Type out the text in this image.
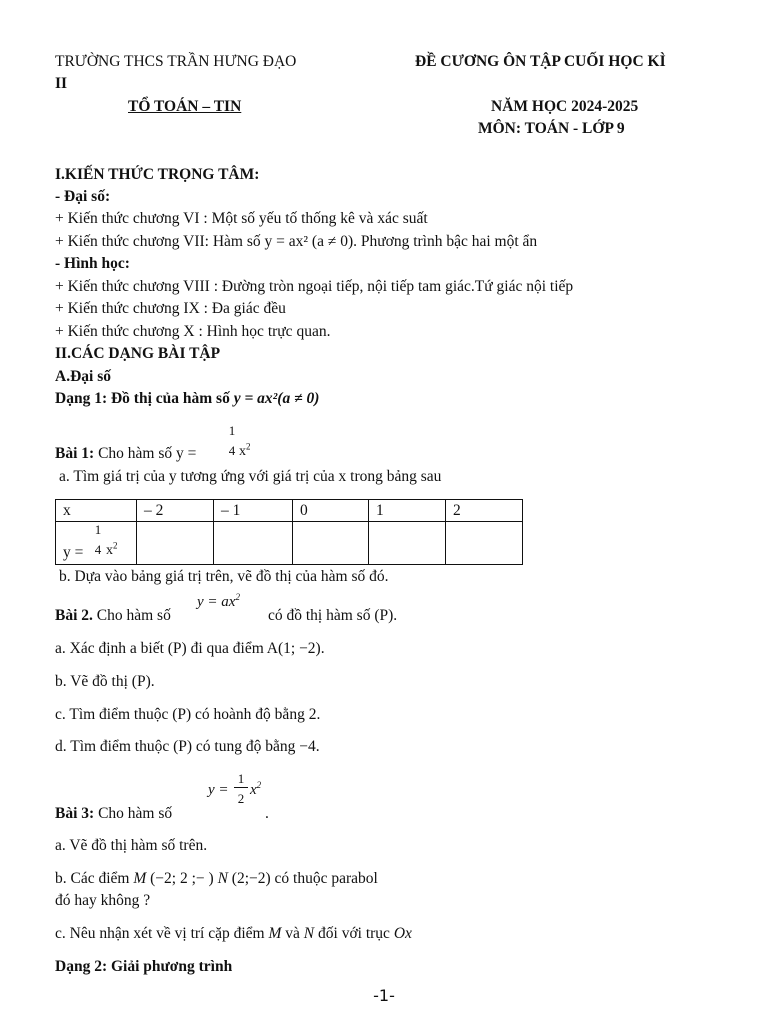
TRƯỜNG THCS TRẦN HƯNG ĐẠO	ĐỀ CƯƠNG ÔN TẬP CUỐI HỌC KÌ
II
TỔ TOÁN – TIN	NĂM HỌC 2024-2025
MÔN: TOÁN - LỚP 9
I.KIẾN THỨC TRỌNG TÂM:
- Đại số:
+ Kiến thức chương VI : Một số yếu tố thống kê và xác suất
+ Kiến thức chương VII: Hàm số y = ax² (a ≠ 0). Phương trình bậc hai một ẩn
- Hình học:
+ Kiến thức chương VIII : Đường tròn ngoại tiếp, nội tiếp tam giác.Tứ giác nội tiếp
+ Kiến thức chương IX : Đa giác đều
+ Kiến thức chương X : Hình học trực quan.
II.CÁC DẠNG BÀI TẬP
A.Đại số
Dạng 1: Đồ thị của hàm số y = ax²(a ≠ 0)
Bài 1: Cho hàm số y =
1
4 $x^2$
a. Tìm giá trị của y tương ứng với giá trị của x trong bảng sau
x	– 2	– 1	0	1	2

y =
1
4 $x^2$

b. Dựa vào bảng giá trị trên, vẽ đồ thị của hàm số đó.
$y = ax^2$
Bài 2. Cho hàm số	có đồ thị hàm số (P).
a. Xác định a biết (P) đi qua điểm A(1; −2).
b. Vẽ đồ thị (P).
c. Tìm điểm thuộc (P) có hoành độ bằng 2.
d. Tìm điểm thuộc (P) có tung độ bằng −4.
y =
1
2
$x^2$
Bài 3: Cho hàm số	.
a. Vẽ đồ thị hàm số trên.
b. Các điểm M (−2; 2 ;− ) N (2;−2) có thuộc parabol
đó hay không ?
c. Nêu nhận xét về vị trí cặp điểm M và N đối với trục Ox
Dạng 2: Giải phương trình
-1-
